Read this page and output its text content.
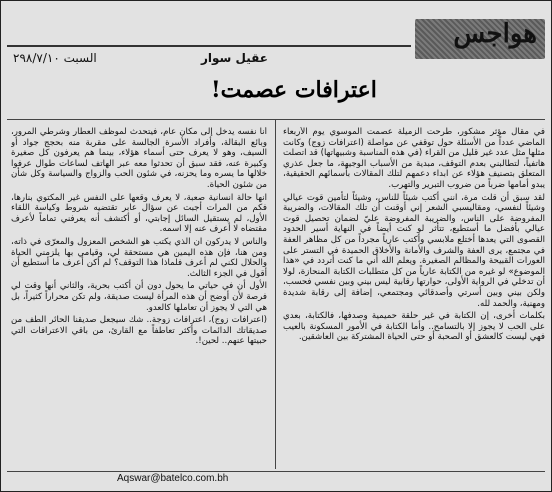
هواجس
السبت ٢٩٨/٧/١٠	عقيل سوار
اعترافات عصمت!

في مقال مؤثر مشكور، طرحت الزميلة عصمت الموسوي يوم الأربعاء الماضي عدداً من الأسئلة حول توقفي عن مواصلة (اعترافات زوج) وكانت مثلها مثل عدد غير قليل من القراء (في هذه المناسبة وشبيهاتها) قد اتصلت هاتفياً، لتطالبني بعدم التوقف، مبدية من الأسباب الوجيهة، ما جعل عذري المتعلق بتصنيف هؤلاء عن ابداء دعمهم لتلك المقالات بأسمائهم الحقيقية، يبدو أمامها ضرباً من ضروب التبرير والتهرب.

لقد سبق أن قلت مرة، انني أكتب شيئاً للناس، وشيئاً لتأمين قوت عيالي وشيئاً لنفسي، ومقاليسبي الشعر إني أوقنت أن تلك المقالات، والضريبة المفروضة على الناس، والضريبة المفروضة عليّ لضمان تحصيل قوت عيالي بأفضل ما أستطيع، تتأثر لو كنت أيضاً في النهاية أسير الحدود القصوى التي يعدها أختلع ملابسي وأكتب عارياً مجرداً من كل مظاهر العفة في مجتمع، يرى العفة والشرف والأمانة والأخلاق الحميدة في التستر على العورات القبيحة والمظالم الصغيرة. ويعلم الله أني ما كنت أتردد في «هذا الموضوع» لو غيره من الكتابة عارياً من كل متطلبات الكتابة المنحازة، لولا أن تدخلي في الرواية الأولى، حوارتها رقابية ليس بيني وبين نفسي فحسب، ولكن بيني وبين أسرتي وأصدقائي ومجتمعي، إضافة إلى رقابة شديدة ومهنية، والحمد لله.

بكلمات أخرى، إن الكتابة في غير حلقة حميمية وصدفها، فالكتابة، بعدي على الحب لا يجوز إلا بالتسامح.. وأما الكتابة في الأمور المسكونة بالعيب فهي ليست كالعشق أو الصحبة أو حتى الحياة المشتركة بين العاشقين.

أنا نفسه يدخل إلى مكان عام، فيتحدث لموظف العطار وشرطي المرور، وبائع البقالة، وأفراد الأسرة الجالسة على مقربة منه بحجج جواد أو السيف، وهو لا يعرف حتى أسماء هؤلاء، بينما هم يعرفون كل صغيرة وكبيرة عنه، فقد سبق أن تحدثوا معه عبر الهاتف لساعات طوال عرفوا خلالها ما يسره وما يحزنه، في شئون الحب والزواج والسياسة وكل شأن من شئون الحياة.

انها حالة انسانية صعبة، لا يعرف وقعها على النفس غير المكتوي بنارها، فكم من المرات أجبت عن سؤال عابر تقتضيه شروط وكياسة اللقاء الأول، لم يستقيل السائل إجابتي، أو أكتشف أنه يعرفني تماماً لأعرف مقتضاه لا أعرف عنه إلا اسمه.

والناس لا يدركون ان الذي يكتب هو الشخص المعزول والمعرّى في ذاته، ومن هنا، فإن هذه اليمين هي مستحقة لي، وقيامي بها يلزمني الحياة والحلال لكني لم أعرف فلماذا هذا التوقف؟ لم أكن أعرف ما أستطيع أن أقول في الجزء الثالث.

الأول أن في حياتي ما يحول دون أن أكتب بحرية، والثاني أنها وقت لي فرصة لأن أوضح أن هذه المرأة ليست صديقة، ولم تكن محراراً كثيراً، بل هي التي لا يجوز أن تعاملها كالعدو.

(اعترافات زوج)، اعترافات زوجة.. شك سيجعل صديقنا الحائر الطف من صديقاتك الدائمات وأكثر تعاطفاً مع القارئ، من باقي الاعترافات التي حبيتها عنهم.. لحين!.

Aqswar@batelco.com.bh
